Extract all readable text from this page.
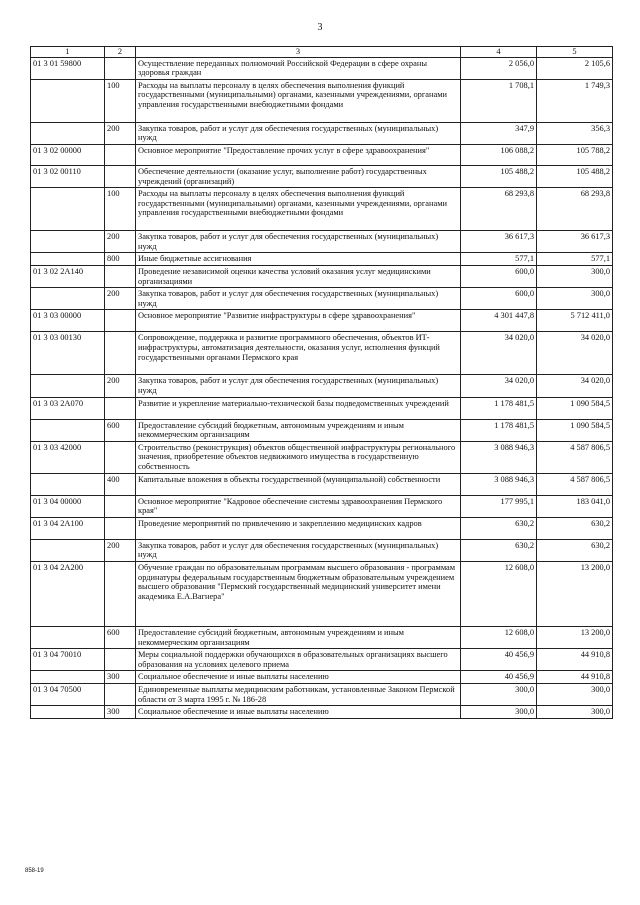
3
1	2	3	4	5
01 3 01 59800		Осуществление переданных полномочий Российской Федерации в сфере охраны здоровья граждан	2 056,0	2 105,6
	100	Расходы на выплаты персоналу в целях обеспечения выполнения функций государственными (муниципальными) органами, казенными учреждениями, органами управления государственными внебюджетными фондами	1 708,1	1 749,3
	200	Закупка товаров, работ и услуг для обеспечения государственных (муниципальных) нужд	347,9	356,3
01 3 02 00000		Основное мероприятие "Предоставление прочих услуг в сфере здравоохранения"	106 088,2	105 788,2
01 3 02 00110		Обеспечение деятельности (оказание услуг, выполнение работ) государственных учреждений (организаций)	105 488,2	105 488,2
	100	Расходы на выплаты персоналу в целях обеспечения выполнения функций государственными (муниципальными) органами, казенными учреждениями, органами управления государственными внебюджетными фондами	68 293,8	68 293,8
	200	Закупка товаров, работ и услуг для обеспечения государственных (муниципальных) нужд	36 617,3	36 617,3
	800	Иные бюджетные ассигнования	577,1	577,1
01 3 02 2А140		Проведение независимой оценки качества условий оказания услуг медицинскими организациями	600,0	300,0
	200	Закупка товаров, работ и услуг для обеспечения государственных (муниципальных) нужд	600,0	300,0
01 3 03 00000		Основное мероприятие "Развитие инфраструктуры в сфере здравоохранения"	4 301 447,8	5 712 411,0
01 3 03 00130		Сопровождение, поддержка и развитие программного обеспечения, объектов ИТ-инфраструктуры, автоматизация деятельности, оказания услуг, исполнения функций государственными органами Пермского края	34 020,0	34 020,0
	200	Закупка товаров, работ и услуг для обеспечения государственных (муниципальных) нужд	34 020,0	34 020,0
01 3 03 2А070		Развитие и укрепление материально-технической базы подведомственных учреждений	1 178 481,5	1 090 584,5
	600	Предоставление субсидий бюджетным, автономным учреждениям и иным некоммерческим организациям	1 178 481,5	1 090 584,5
01 3 03 42000		Строительство (реконструкция) объектов общественной инфраструктуры регионального значения, приобретение объектов недвижимого имущества в государственную собственность	3 088 946,3	4 587 806,5
	400	Капитальные вложения в объекты государственной (муниципальной) собственности	3 088 946,3	4 587 806,5
01 3 04 00000		Основное мероприятие "Кадровое обеспечение системы здравоохранения Пермского края"	177 995,1	183 041,0
01 3 04 2А100		Проведение мероприятий по привлечению и закреплению медицинских кадров	630,2	630,2
	200	Закупка товаров, работ и услуг для обеспечения государственных (муниципальных) нужд	630,2	630,2
01 3 04 2А200		Обучение граждан по образовательным программам высшего образования - программам ординатуры федеральным государственным бюджетным образовательным учреждением высшего образования "Пермский государственный медицинский университет имени академика Е.А.Вагнера"	12 608,0	13 200,0
	600	Предоставление субсидий бюджетным, автономным учреждениям и иным некоммерческим организациям	12 608,0	13 200,0
01 3 04 70010		Меры социальной поддержки обучающихся в образовательных организациях высшего образования на условиях целевого приема	40 456,9	44 910,8
	300	Социальное обеспечение и иные выплаты населению	40 456,9	44 910,8
01 3 04 70500		Единовременные выплаты медицинским работникам, установленные Законом Пермской области от 3 марта 1995 г. № 186-28	300,0	300,0
	300	Социальное обеспечение и иные выплаты населению	300,0	300,0
858-19
